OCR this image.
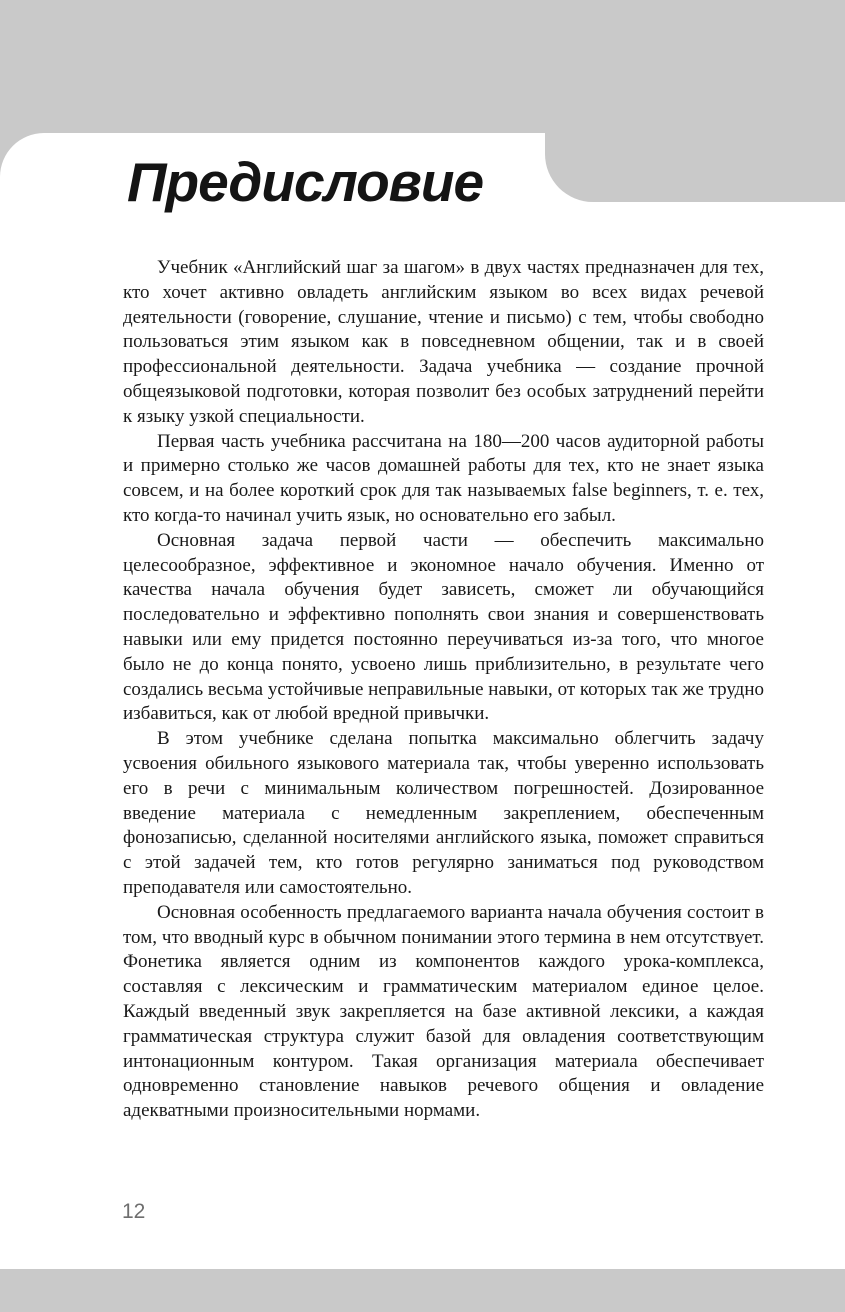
Предисловие

Учебник «Английский шаг за шагом» в двух частях предназначен для тех, кто хочет активно овладеть английским языком во всех видах речевой деятельности (говорение, слушание, чтение и письмо) с тем, чтобы свободно пользоваться этим языком как в повседневном общении, так и в своей профессиональной деятельности. Задача учебника — создание прочной общеязыковой подготовки, которая позволит без особых затруднений перейти к языку узкой специальности.

Первая часть учебника рассчитана на 180—200 часов аудиторной работы и примерно столько же часов домашней работы для тех, кто не знает языка совсем, и на более короткий срок для так называемых false beginners, т. е. тех, кто когда-то начинал учить язык, но основательно его забыл.

Основная задача первой части — обеспечить максимально целесообразное, эффективное и экономное начало обучения. Именно от качества начала обучения будет зависеть, сможет ли обучающийся последовательно и эффективно пополнять свои знания и совершенствовать навыки или ему придется постоянно переучиваться из-за того, что многое было не до конца понято, усвоено лишь приблизительно, в результате чего создались весьма устойчивые неправильные навыки, от которых так же трудно избавиться, как от любой вредной привычки.

В этом учебнике сделана попытка максимально облегчить задачу усвоения обильного языкового материала так, чтобы уверенно использовать его в речи с минимальным количеством погрешностей. Дозированное введение материала с немедленным закреплением, обеспеченным фонозаписью, сделанной носителями английского языка, поможет справиться с этой задачей тем, кто готов регулярно заниматься под руководством преподавателя или самостоятельно.

Основная особенность предлагаемого варианта начала обучения состоит в том, что вводный курс в обычном понимании этого термина в нем отсутствует. Фонетика является одним из компонентов каждого урока-комплекса, составляя с лексическим и грамматическим материалом единое целое. Каждый введенный звук закрепляется на базе активной лексики, а каждая грамматическая структура служит базой для овладения соответствующим интонационным контуром. Такая организация материала обеспечивает одновременно становление навыков речевого общения и овладение адекватными произносительными нормами.

12
